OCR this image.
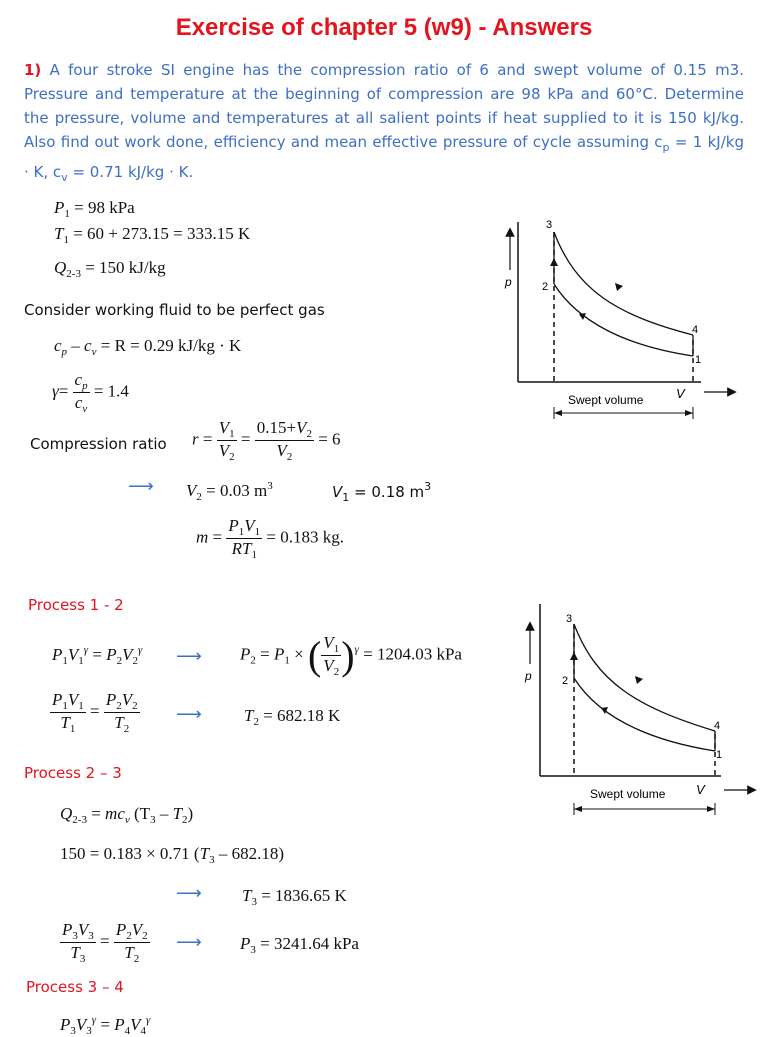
Exercise of chapter 5 (w9) - Answers
1) A four stroke SI engine has the compression ratio of 6 and swept volume of 0.15 m3. Pressure and temperature at the beginning of compression are 98 kPa and 60°C. Determine the pressure, volume and temperatures at all salient points if heat supplied to it is 150 kJ/kg. Also find out work done, efficiency and mean effective pressure of cycle assuming $c_p = 1$ kJ/kg · K, $c_v = 0.71$ kJ/kg · K.
$P_1 = 98$ kPa
$T_1 = 60 + 273.15 = 333.15$ K
$Q_{2-3} = 150$ kJ/kg
Consider working fluid to be perfect gas
$c_p - c_v = R = 0.29$ kJ/kg · K
$\gamma= \frac{c_p}{c_v} = 1.4$
Compression ratio $r = \frac{V_1}{V_2} = \frac{0.15+V_2}{V_2} = 6$
⟶ $V_2 = 0.03$ $m^3$	$V_1 = 0.18$ $m^3$
$m = \frac{P_1V_1}{RT_1} = 0.183$ kg.
Process 1 - 2
$P_1V_1^\gamma = P_2V_2^\gamma$ ⟶ $P_2 = P_1$ × ( $\frac{V_1}{V_2} )^\gamma = 1204.03$ kPa
$\frac{P_1V_1}{T_1} = \frac{P_2V_2}{T_2}$ ⟶ $T_2 = 682.18$ K
Process 2 – 3
$Q_{2-3} = mc_v$ $(T_3 - T_2)$
150 = 0.183 × 0.71 $(T_3 - 682.18)$
⟶ $T_3 = 1836.65$ K
$\frac{P_3V_3}{T_3} = \frac{P_2V_2}{T_2}$ ⟶ $P_3 = 3241.64$ kPa
Process 3 – 4
$P_3V_3^\gamma = P_4V_4^\gamma$
p
V
3
2
4
1
Swept volume
p
V
3
2
4
1
Swept volume
